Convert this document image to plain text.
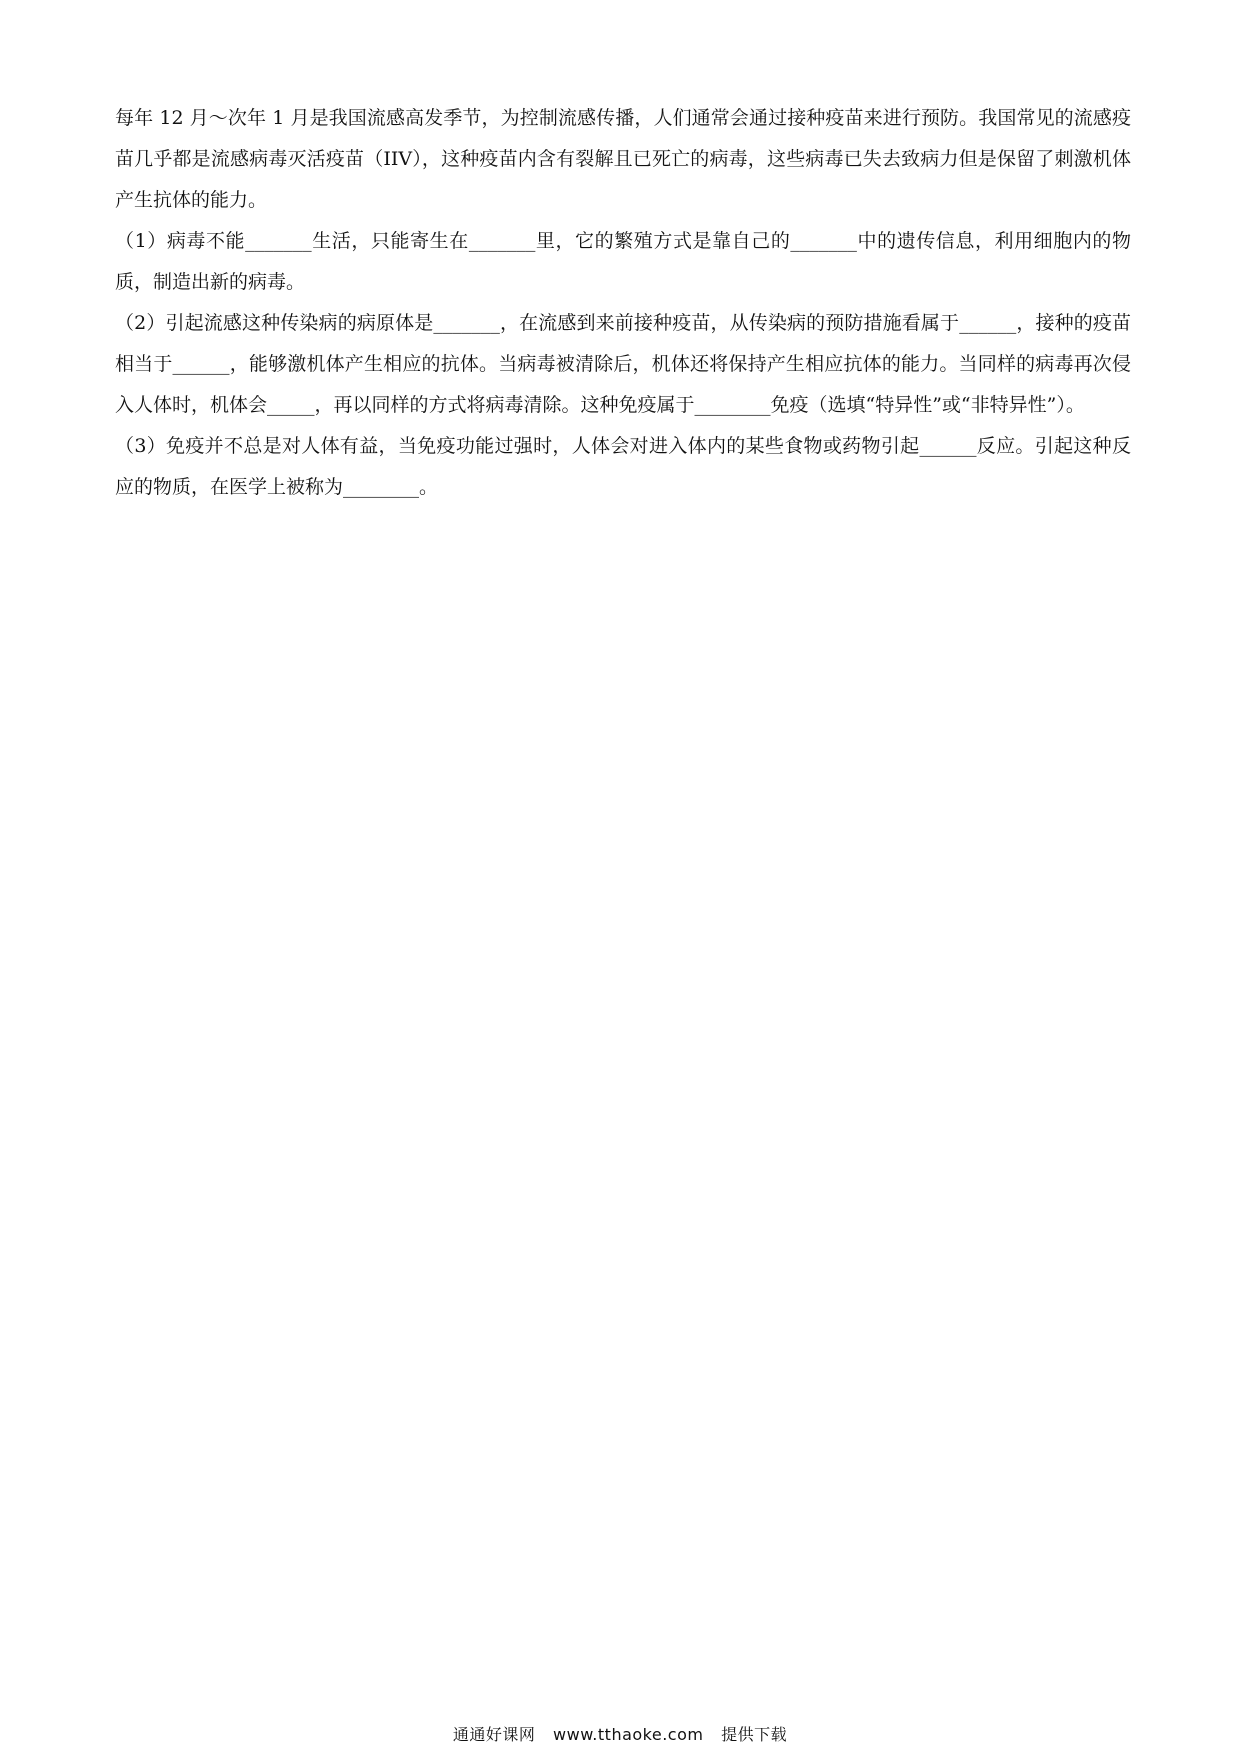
每年 12 月～次年 1 月是我国流感高发季节，为控制流感传播，人们通常会通过接种疫苗来进行预防。我国常见的流感疫苗几乎都是流感病毒灭活疫苗（IIV），这种疫苗内含有裂解且已死亡的病毒，这些病毒已失去致病力但是保留了刺激机体产生抗体的能力。

（1）病毒不能_______生活，只能寄生在_______里，它的繁殖方式是靠自己的_______中的遗传信息，利用细胞内的物质，制造出新的病毒。

（2）引起流感这种传染病的病原体是_______，在流感到来前接种疫苗，从传染病的预防措施看属于______，接种的疫苗相当于______，能够激机体产生相应的抗体。当病毒被清除后，机体还将保持产生相应抗体的能力。当同样的病毒再次侵入人体时，机体会_____，再以同样的方式将病毒清除。这种免疫属于________免疫（选填“特异性”或“非特异性”）。

（3）免疫并不总是对人体有益，当免疫功能过强时，人体会对进入体内的某些食物或药物引起______反应。引起这种反应的物质，在医学上被称为________。

通通好课网 www.tthaoke.com 提供下载
